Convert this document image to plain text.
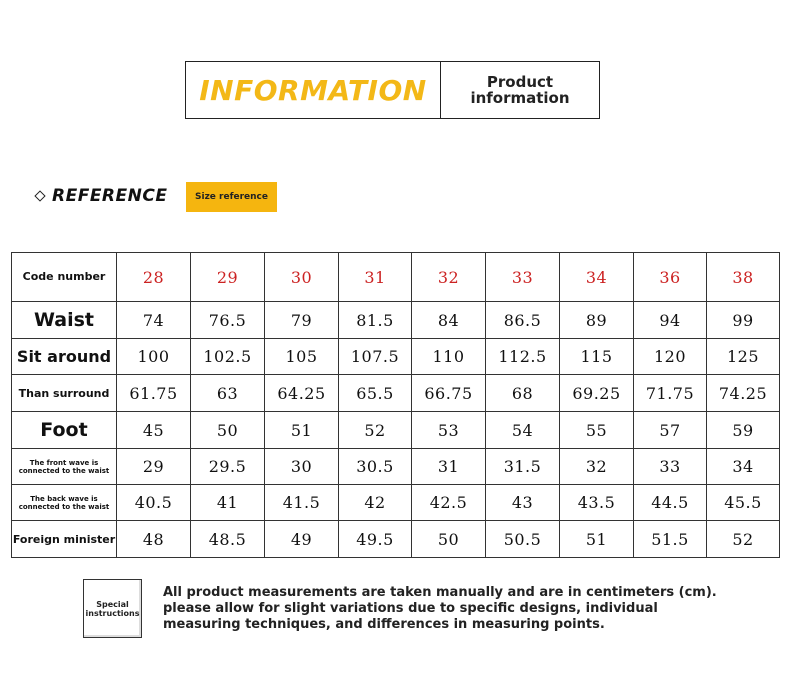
INFORMATION	Product information
REFERENCE	Size reference
Code number	28	29	30	31	32	33	34	36	38
Waist	74	76.5	79	81.5	84	86.5	89	94	99
Sit around	100	102.5	105	107.5	110	112.5	115	120	125
Than surround	61.75	63	64.25	65.5	66.75	68	69.25	71.75	74.25
Foot	45	50	51	52	53	54	55	57	59

The front wave is connected to the waist	29	29.5	30	30.5	31	31.5	32	33	34

The back wave is connected to the waist	40.5	41	41.5	42	42.5	43	43.5	44.5	45.5
Foreign minister	48	48.5	49	49.5	50	50.5	51	51.5	52
Special instructions
All product measurements are taken manually and are in centimeters (cm). please allow for slight variations due to specific designs, individual measuring techniques, and differences in measuring points.
